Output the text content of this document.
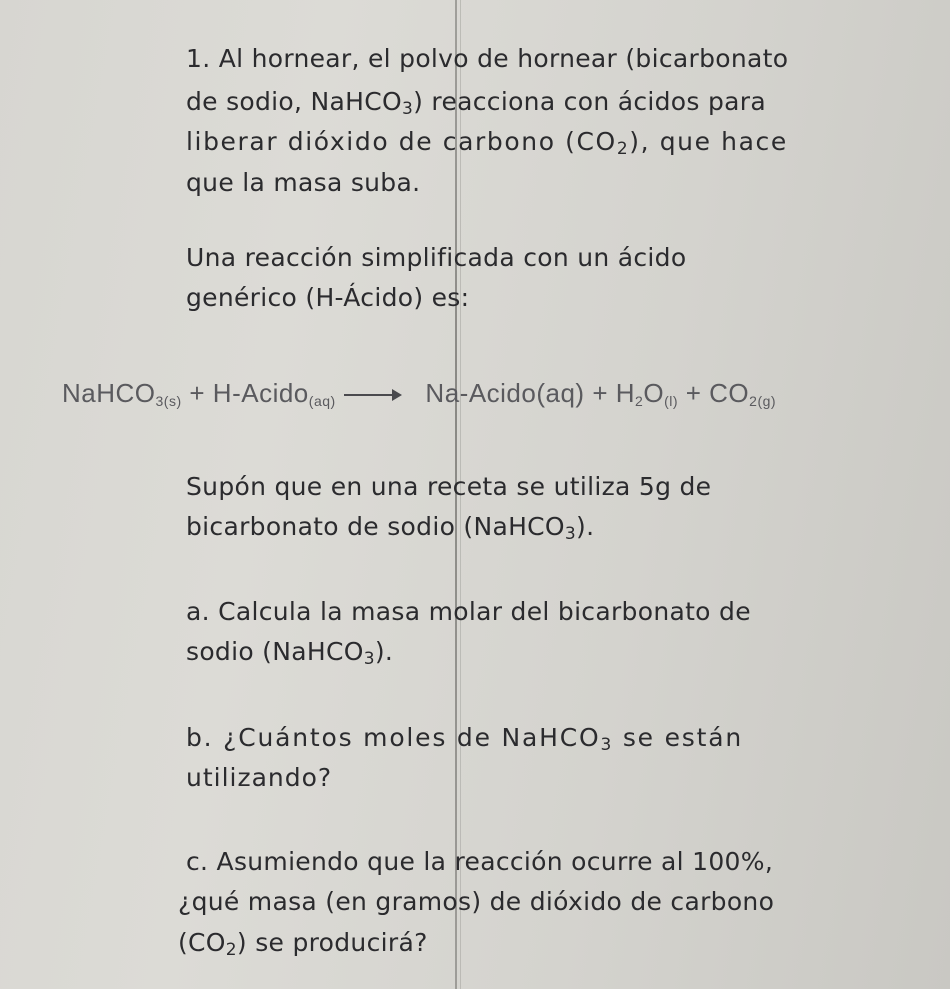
1. Al hornear, el polvo de hornear (bicarbonato
de sodio, NaHCO$_3$) reacciona con ácidos para
liberar dióxido de carbono $(CO_2)$, que hace
que la masa suba.
Una reacción simplificada con un ácido
genérico (H-Ácido) es:
NaHCO3(s) + H-Acido(aq) → Na-Acido(aq) + H2O(l) + CO2(g)
Supón que en una receta se utiliza 5g de
bicarbonato de sodio (NaHCO$_3$).
a. Calcula la masa molar del bicarbonato de
sodio (NaHCO$_3$).
b. ¿Cuántos moles de NaHCO$_3$ se están
utilizando?
c. Asumiendo que la reacción ocurre al 100%,
¿qué masa (en gramos) de dióxido de carbono
$(CO_2)$ se producirá?
